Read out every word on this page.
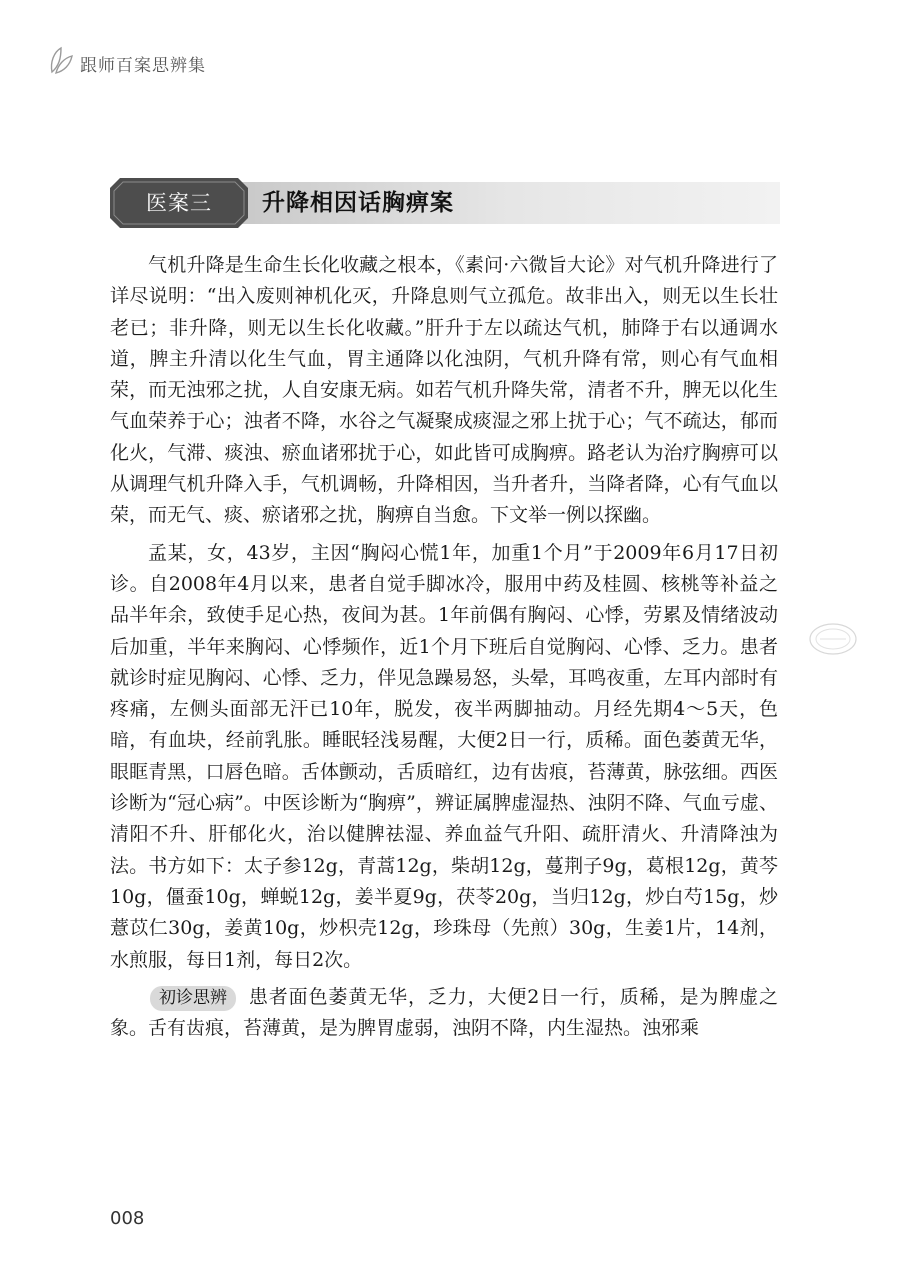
跟师百案思辨集
医案三	升降相因话胸痹案

气机升降是生命生长化收藏之根本，《素问·六微旨大论》对气机升降进行了详尽说明：“出入废则神机化灭，升降息则气立孤危。故非出入，则无以生长壮老已；非升降，则无以生长化收藏。”肝升于左以疏达气机，肺降于右以通调水道，脾主升清以化生气血，胃主通降以化浊阴，气机升降有常，则心有气血相荣，而无浊邪之扰，人自安康无病。如若气机升降失常，清者不升，脾无以化生气血荣养于心；浊者不降，水谷之气凝聚成痰湿之邪上扰于心；气不疏达，郁而化火，气滞、痰浊、瘀血诸邪扰于心，如此皆可成胸痹。路老认为治疗胸痹可以从调理气机升降入手，气机调畅，升降相因，当升者升，当降者降，心有气血以荣，而无气、痰、瘀诸邪之扰，胸痹自当愈。下文举一例以探幽。

孟某，女，43岁，主因“胸闷心慌1年，加重1个月”于2009年6月17日初诊。自2008年4月以来，患者自觉手脚冰冷，服用中药及桂圆、核桃等补益之品半年余，致使手足心热，夜间为甚。1年前偶有胸闷、心悸，劳累及情绪波动后加重，半年来胸闷、心悸频作，近1个月下班后自觉胸闷、心悸、乏力。患者就诊时症见胸闷、心悸、乏力，伴见急躁易怒，头晕，耳鸣夜重，左耳内部时有疼痛，左侧头面部无汗已10年，脱发，夜半两脚抽动。月经先期4～5天，色暗，有血块，经前乳胀。睡眠轻浅易醒，大便2日一行，质稀。面色萎黄无华，眼眶青黑，口唇色暗。舌体颤动，舌质暗红，边有齿痕，苔薄黄，脉弦细。西医诊断为“冠心病”。中医诊断为“胸痹”，辨证属脾虚湿热、浊阴不降、气血亏虚、清阳不升、肝郁化火，治以健脾祛湿、养血益气升阳、疏肝清火、升清降浊为法。书方如下：太子参12g，青蒿12g，柴胡12g，蔓荆子9g，葛根12g，黄芩10g，僵蚕10g，蝉蜕12g，姜半夏9g，茯苓20g，当归12g，炒白芍15g，炒薏苡仁30g，姜黄10g，炒枳壳12g，珍珠母（先煎）30g，生姜1片，14剂，水煎服，每日1剂，每日2次。

初诊思辨 患者面色萎黄无华，乏力，大便2日一行，质稀，是为脾虚之象。舌有齿痕，苔薄黄，是为脾胃虚弱，浊阴不降，内生湿热。浊邪乘

008
